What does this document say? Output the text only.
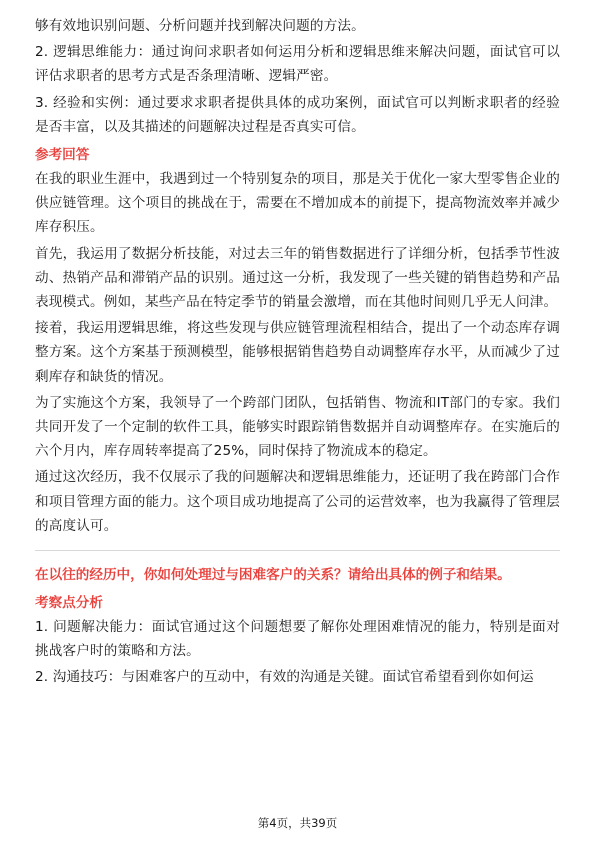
够有效地识别问题、分析问题并找到解决问题的方法。

2. 逻辑思维能力：通过询问求职者如何运用分析和逻辑思维来解决问题，面试官可以评估求职者的思考方式是否条理清晰、逻辑严密。

3. 经验和实例：通过要求求职者提供具体的成功案例，面试官可以判断求职者的经验是否丰富，以及其描述的问题解决过程是否真实可信。

参考回答

在我的职业生涯中，我遇到过一个特别复杂的项目，那是关于优化一家大型零售企业的供应链管理。这个项目的挑战在于，需要在不增加成本的前提下，提高物流效率并减少库存积压。

首先，我运用了数据分析技能，对过去三年的销售数据进行了详细分析，包括季节性波动、热销产品和滞销产品的识别。通过这一分析，我发现了一些关键的销售趋势和产品表现模式。例如，某些产品在特定季节的销量会激增，而在其他时间则几乎无人问津。

接着，我运用逻辑思维，将这些发现与供应链管理流程相结合，提出了一个动态库存调整方案。这个方案基于预测模型，能够根据销售趋势自动调整库存水平，从而减少了过剩库存和缺货的情况。

为了实施这个方案，我领导了一个跨部门团队，包括销售、物流和IT部门的专家。我们共同开发了一个定制的软件工具，能够实时跟踪销售数据并自动调整库存。在实施后的六个月内，库存周转率提高了25%，同时保持了物流成本的稳定。

通过这次经历，我不仅展示了我的问题解决和逻辑思维能力，还证明了我在跨部门合作和项目管理方面的能力。这个项目成功地提高了公司的运营效率，也为我赢得了管理层的高度认可。

在以往的经历中，你如何处理过与困难客户的关系？请给出具体的例子和结果。
考察点分析

1. 问题解决能力：面试官通过这个问题想要了解你处理困难情况的能力，特别是面对挑战客户时的策略和方法。

2. 沟通技巧：与困难客户的互动中，有效的沟通是关键。面试官希望看到你如何运

第4页，共39页
